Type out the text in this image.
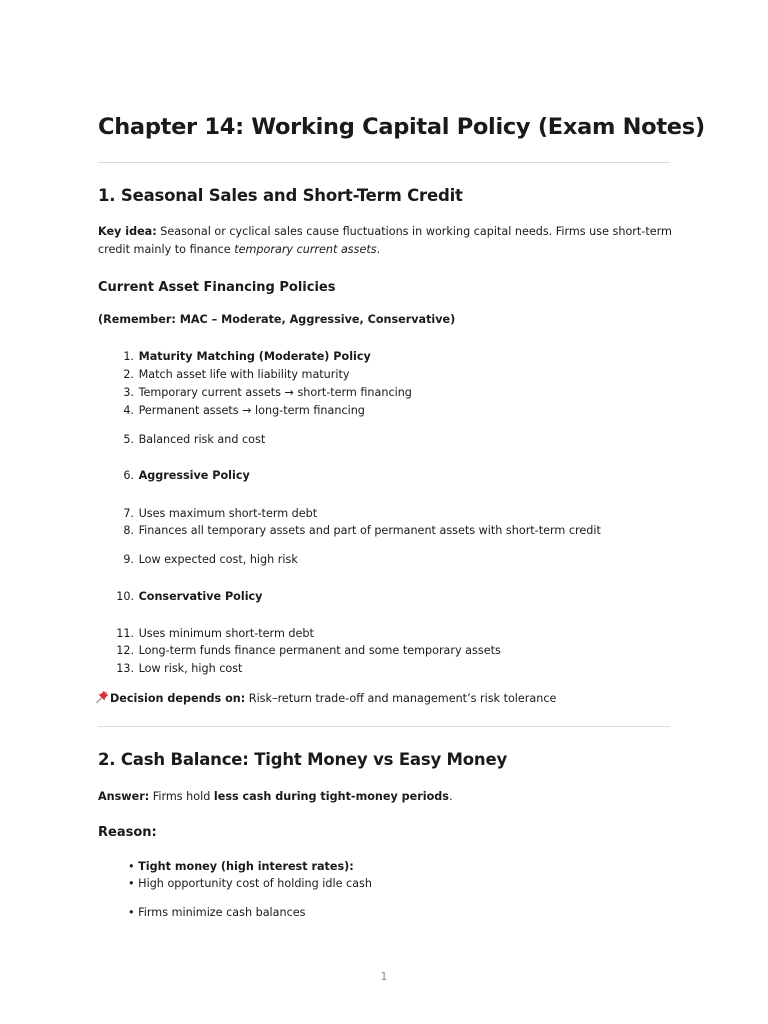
Chapter 14: Working Capital Policy (Exam Notes)
1. Seasonal Sales and Short-Term Credit

Key idea: Seasonal or cyclical sales cause fluctuations in working capital needs. Firms use short-term credit mainly to finance temporary current assets.

Current Asset Financing Policies

(Remember: MAC – Moderate, Aggressive, Conservative)

1. Maturity Matching (Moderate) Policy
2. Match asset life with liability maturity
3. Temporary current assets → short-term financing
4. Permanent assets → long-term financing
5. Balanced risk and cost
6. Aggressive Policy
7. Uses maximum short-term debt
8. Finances all temporary assets and part of permanent assets with short-term credit
9. Low expected cost, high risk
10. Conservative Policy
11. Uses minimum short-term debt
12. Long-term funds finance permanent and some temporary assets
13. Low risk, high cost

Decision depends on: Risk–return trade-off and management’s risk tolerance

2. Cash Balance: Tight Money vs Easy Money

Answer: Firms hold less cash during tight-money periods.

Reason:
• Tight money (high interest rates):
• High opportunity cost of holding idle cash
• Firms minimize cash balances
1
